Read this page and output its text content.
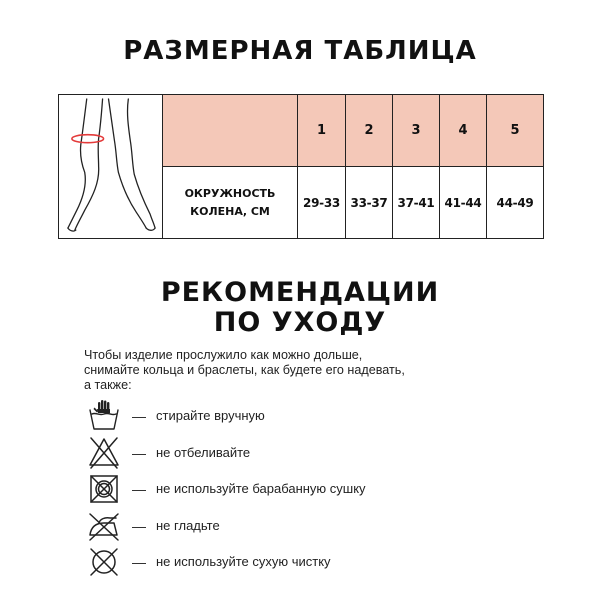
РАЗМЕРНАЯ ТАБЛИЦА
		1	2	3	4	5

	ОКРУЖНОСТЬ
КОЛЕНА, СМ	29-33	33-37	37-41	41-44	44-49
РЕКОМЕНДАЦИИ
ПО УХОДУ
Чтобы изделие прослужило как можно дольше,
снимайте кольца и браслеты, как будете его надевать,
а также:
— стирайте вручную
— не отбеливайте
— не используйте барабанную сушку
— не гладьте
— не используйте сухую чистку
